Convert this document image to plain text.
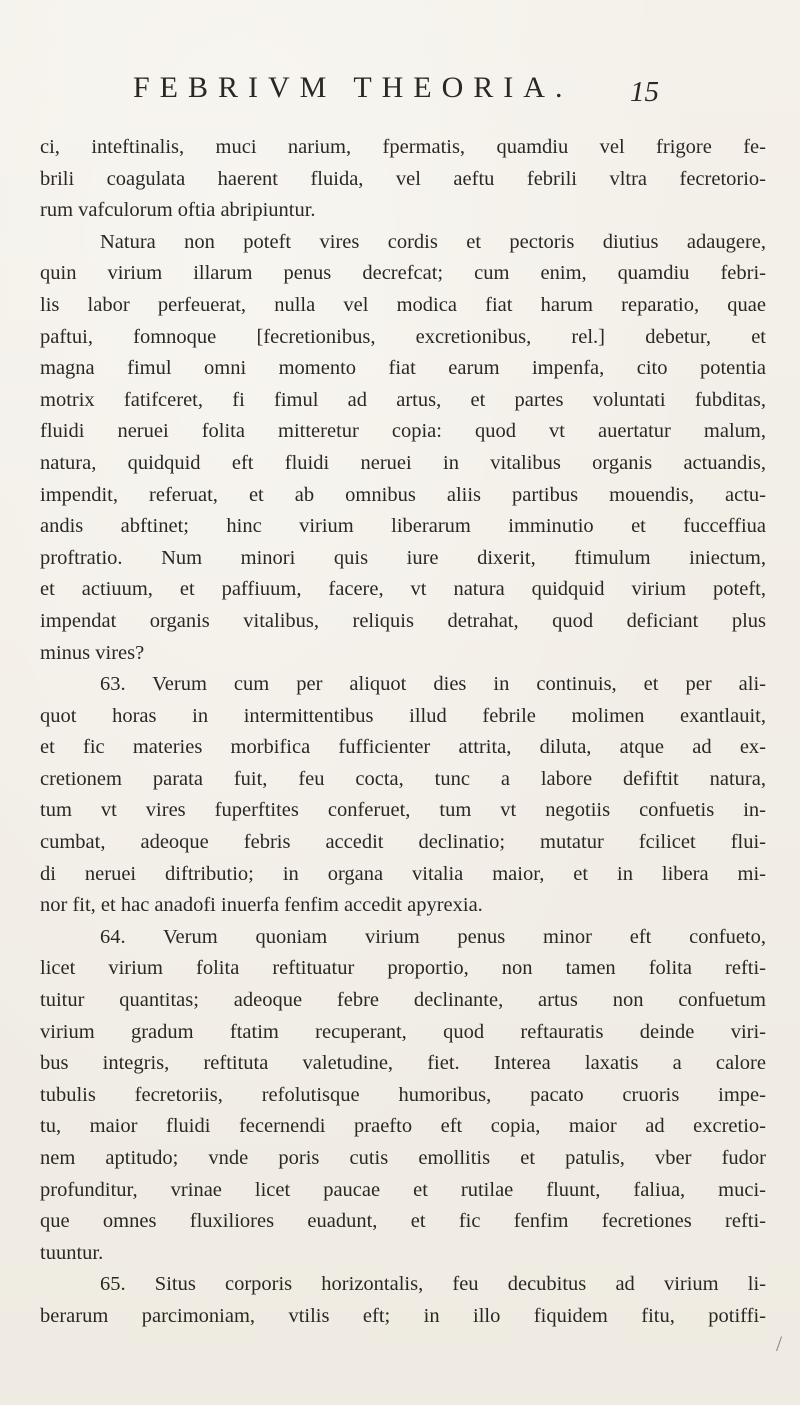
FEBRIVM THEORIA. 15
ci, inteftinalis, muci narium, fpermatis, quamdiu vel frigore fe-
brili coagulata haerent fluida, vel aeftu febrili vltra fecretorio-
rum vafculorum oftia abripiuntur.
Natura non poteft vires cordis et pectoris diutius adaugere,
quin virium illarum penus decrefcat; cum enim, quamdiu febri-
lis labor perfeuerat, nulla vel modica fiat harum reparatio, quae
paftui, fomnoque [fecretionibus, excretionibus, rel.] debetur, et
magna fimul omni momento fiat earum impenfa, cito potentia
motrix fatifceret, fi fimul ad artus, et partes voluntati fubditas,
fluidi neruei folita mitteretur copia: quod vt auertatur malum,
natura, quidquid eft fluidi neruei in vitalibus organis actuandis,
impendit, referuat, et ab omnibus aliis partibus mouendis, actu-
andis abftinet; hinc virium liberarum imminutio et fucceffiua
proftratio. Num minori quis iure dixerit, ftimulum iniectum,
et actiuum, et paffiuum, facere, vt natura quidquid virium poteft,
impendat organis vitalibus, reliquis detrahat, quod deficiant plus
minus vires?
63. Verum cum per aliquot dies in continuis, et per ali-
quot horas in intermittentibus illud febrile molimen exantlauit,
et fic materies morbifica fufficienter attrita, diluta, atque ad ex-
cretionem parata fuit, feu cocta, tunc a labore defiftit natura,
tum vt vires fuperftites conferuet, tum vt negotiis confuetis in-
cumbat, adeoque febris accedit declinatio; mutatur fcilicet flui-
di neruei diftributio; in organa vitalia maior, et in libera mi-
nor fit, et hac anadofi inuerfa fenfim accedit apyrexia.
64. Verum quoniam virium penus minor eft confueto,
licet virium folita reftituatur proportio, non tamen folita refti-
tuitur quantitas; adeoque febre declinante, artus non confuetum
virium gradum ftatim recuperant, quod reftauratis deinde viri-
bus integris, reftituta valetudine, fiet. Interea laxatis a calore
tubulis fecretoriis, refolutisque humoribus, pacato cruoris impe-
tu, maior fluidi fecernendi praefto eft copia, maior ad excretio-
nem aptitudo; vnde poris cutis emollitis et patulis, vber fudor
profunditur, vrinae licet paucae et rutilae fluunt, faliua, muci-
que omnes fluxiliores euadunt, et fic fenfim fecretiones refti-
tuuntur.
65. Situs corporis horizontalis, feu decubitus ad virium li-
berarum parcimoniam, vtilis eft; in illo fiquidem fitu, potiffi-
/
